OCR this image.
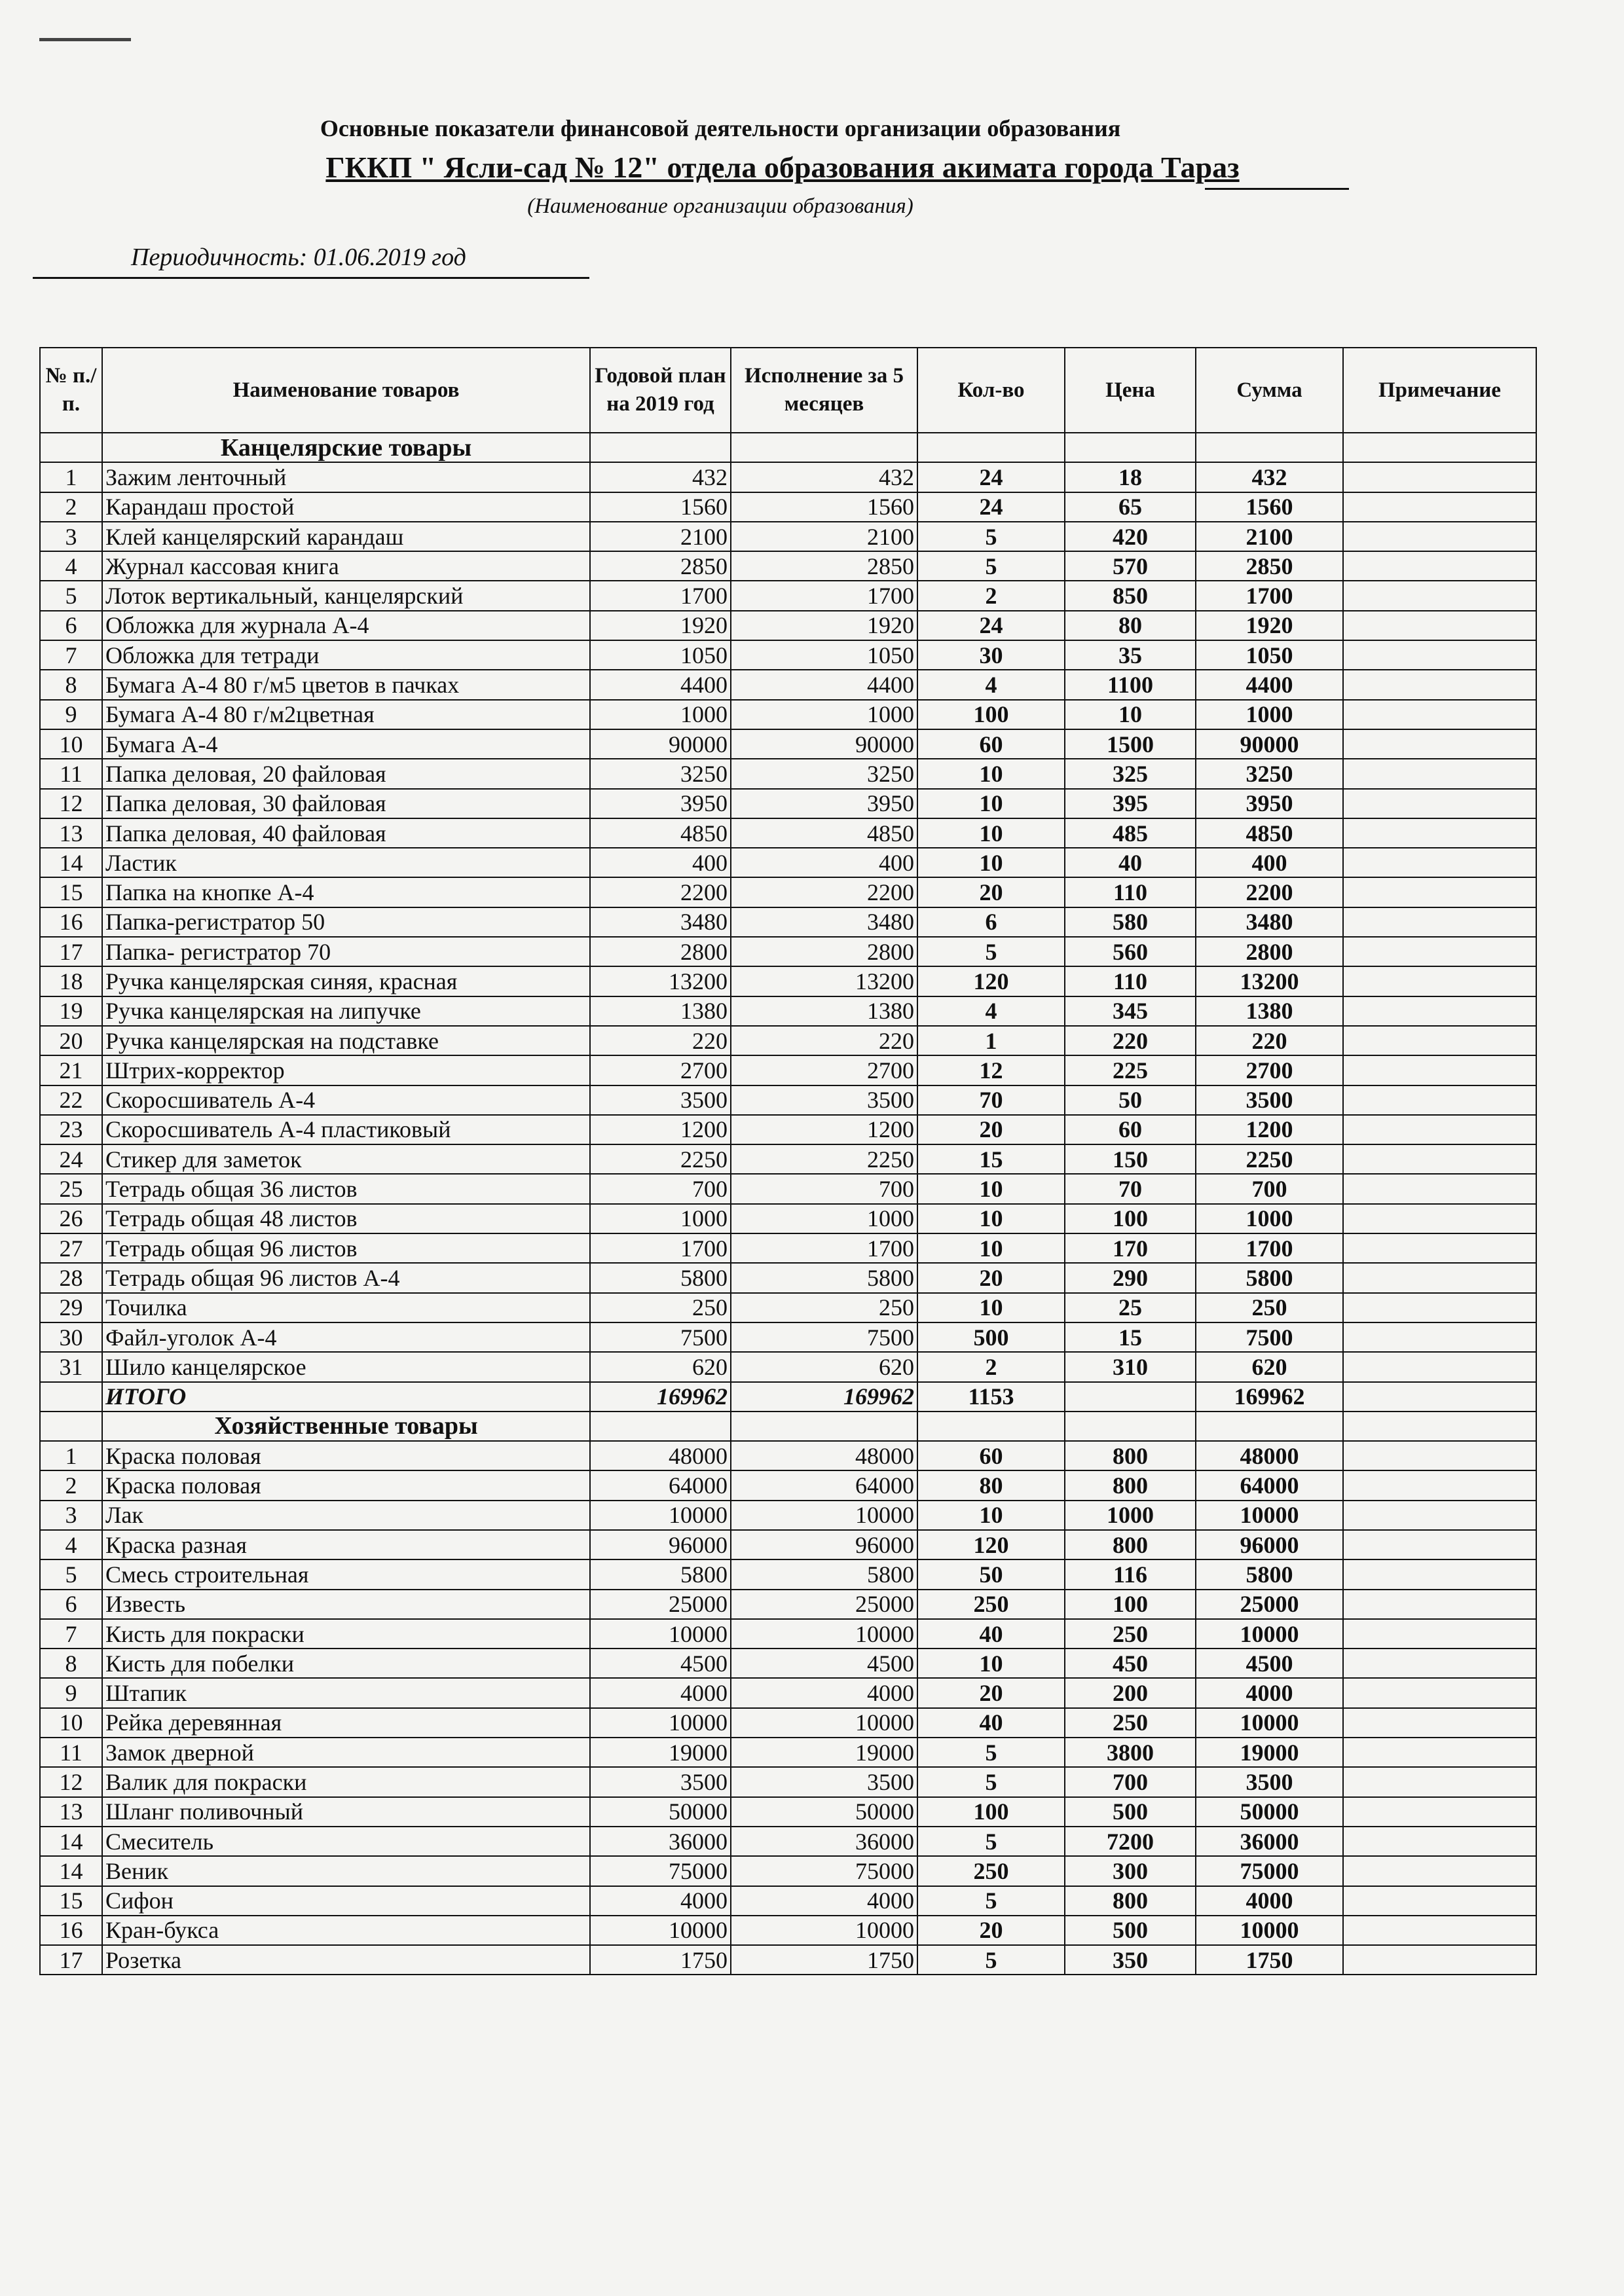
Основные показатели финансовой деятельности организации образования
ГККП " Ясли-сад № 12" отдела образования акимата города Тараз
(Наименование организации образования)
Периодичность: 01.06.2019 год
№ п./п.	Наименование товаров	Годовой план на 2019 год	Исполнение за 5 месяцев	Кол-во	Цена	Сумма	Примечание
	Канцелярские товары						
1	Зажим ленточный	432	432	24	18	432	
2	Карандаш простой	1560	1560	24	65	1560	
3	Клей канцелярский карандаш	2100	2100	5	420	2100	
4	Журнал кассовая книга	2850	2850	5	570	2850	
5	Лоток вертикальный, канцелярский	1700	1700	2	850	1700	
6	Обложка для журнала А-4	1920	1920	24	80	1920	
7	Обложка для тетради	1050	1050	30	35	1050	
8	Бумага А-4 80 г/м5 цветов в пачках	4400	4400	4	1100	4400	
9	Бумага А-4 80 г/м2цветная	1000	1000	100	10	1000	
10	Бумага А-4	90000	90000	60	1500	90000	
11	Папка деловая, 20 файловая	3250	3250	10	325	3250	
12	Папка деловая, 30 файловая	3950	3950	10	395	3950	
13	Папка деловая, 40 файловая	4850	4850	10	485	4850	
14	Ластик	400	400	10	40	400	
15	Папка на кнопке А-4	2200	2200	20	110	2200	
16	Папка-регистратор 50	3480	3480	6	580	3480	
17	Папка- регистратор 70	2800	2800	5	560	2800	
18	Ручка канцелярская синяя, красная	13200	13200	120	110	13200	
19	Ручка канцелярская на липучке	1380	1380	4	345	1380	
20	Ручка канцелярская на подставке	220	220	1	220	220	
21	Штрих-корректор	2700	2700	12	225	2700	
22	Скоросшиватель А-4	3500	3500	70	50	3500	
23	Скоросшиватель А-4 пластиковый	1200	1200	20	60	1200	
24	Стикер для заметок	2250	2250	15	150	2250	
25	Тетрадь общая 36 листов	700	700	10	70	700	
26	Тетрадь общая 48 листов	1000	1000	10	100	1000	
27	Тетрадь общая 96 листов	1700	1700	10	170	1700	
28	Тетрадь общая 96 листов А-4	5800	5800	20	290	5800	
29	Точилка	250	250	10	25	250	
30	Файл-уголок А-4	7500	7500	500	15	7500	
31	Шило канцелярское	620	620	2	310	620	
	ИТОГО	169962	169962	1153		169962	
	Хозяйственные товары						
1	Краска половая	48000	48000	60	800	48000	
2	Краска половая	64000	64000	80	800	64000	
3	Лак	10000	10000	10	1000	10000	
4	Краска разная	96000	96000	120	800	96000	
5	Смесь строительная	5800	5800	50	116	5800	
6	Известь	25000	25000	250	100	25000	
7	Кисть для покраски	10000	10000	40	250	10000	
8	Кисть для побелки	4500	4500	10	450	4500	
9	Штапик	4000	4000	20	200	4000	
10	Рейка деревянная	10000	10000	40	250	10000	
11	Замок дверной	19000	19000	5	3800	19000	
12	Валик для покраски	3500	3500	5	700	3500	
13	Шланг поливочный	50000	50000	100	500	50000	
14	Смеситель	36000	36000	5	7200	36000	
14	Веник	75000	75000	250	300	75000	
15	Сифон	4000	4000	5	800	4000	
16	Кран-букса	10000	10000	20	500	10000	
17	Розетка	1750	1750	5	350	1750	
